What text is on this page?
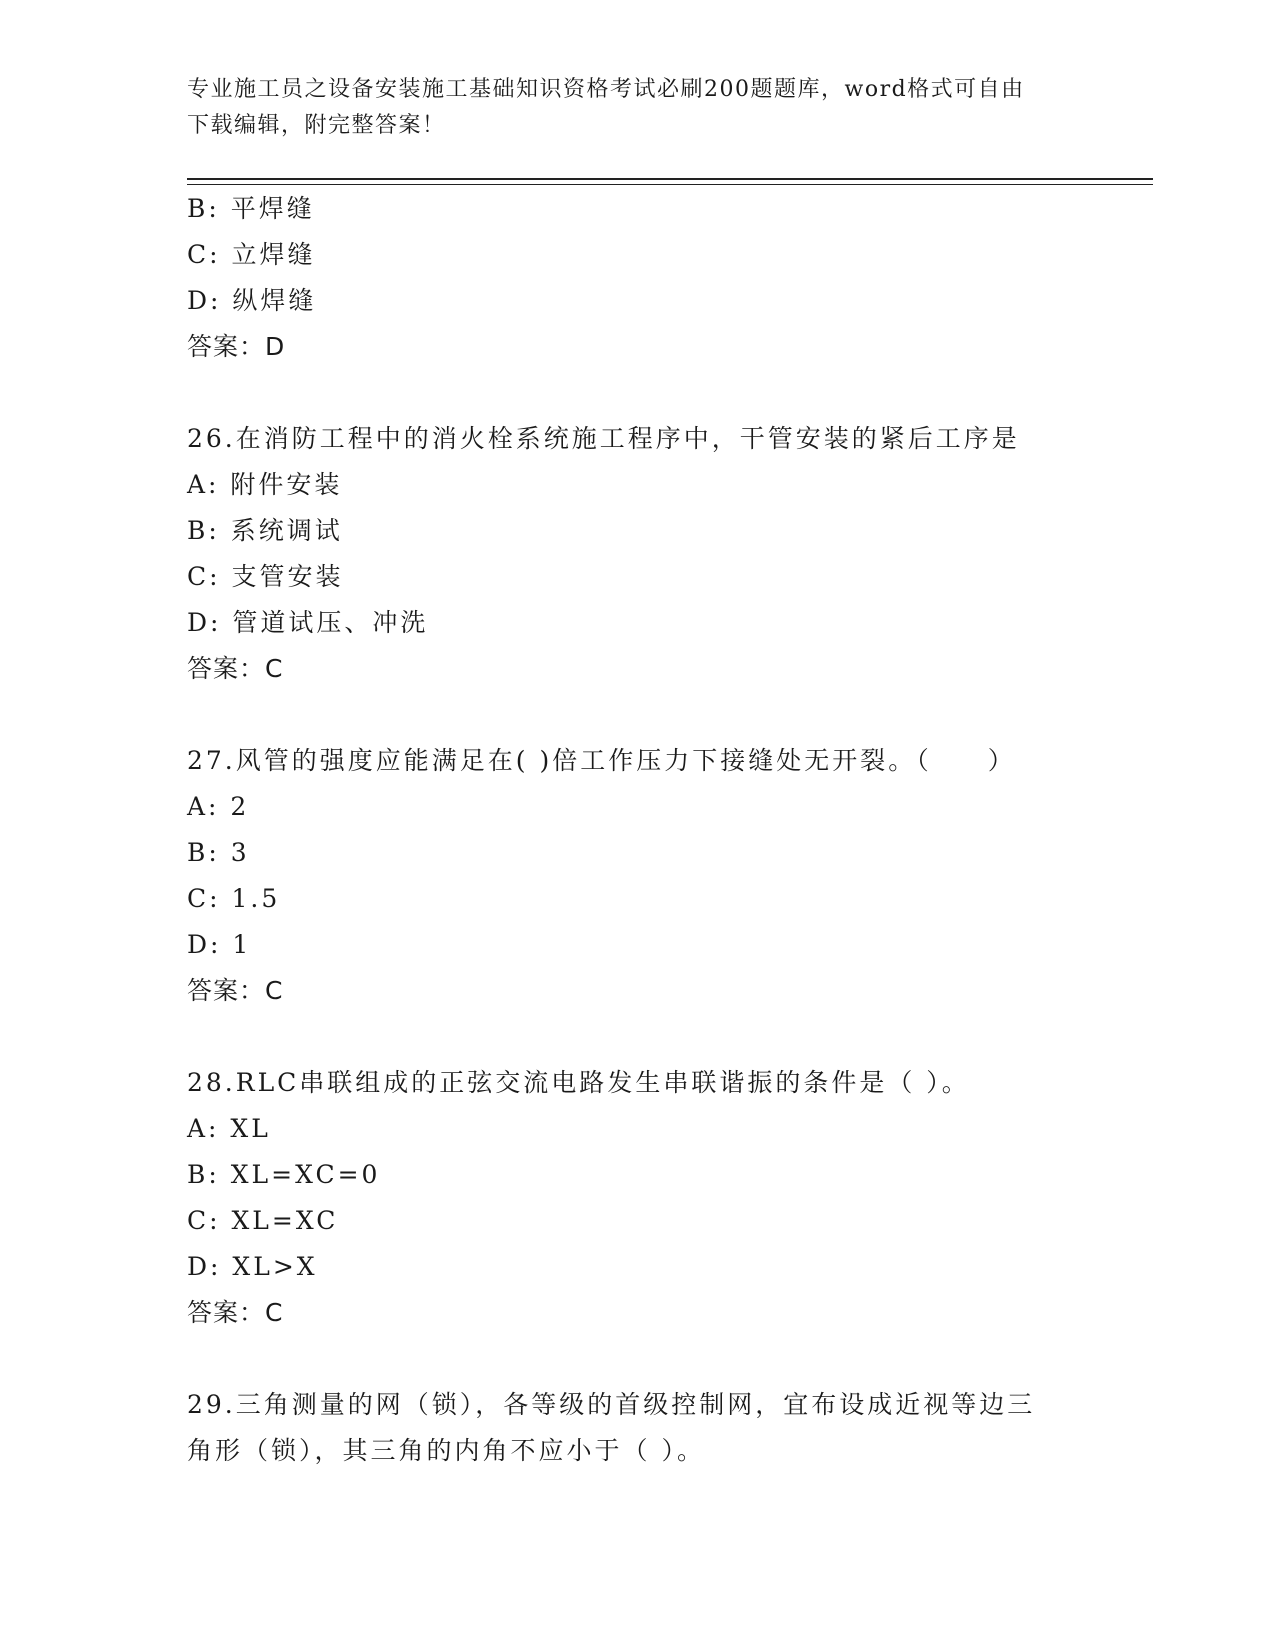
专业施工员之设备安装施工基础知识资格考试必刷200题题库，word格式可自由
下载编辑，附完整答案！
B: 平焊缝
C: 立焊缝
D: 纵焊缝
答案：D
26.在消防工程中的消火栓系统施工程序中，干管安装的紧后工序是
A: 附件安装
B: 系统调试
C: 支管安装
D: 管道试压、冲洗
答案：C
27.风管的强度应能满足在( )倍工作压力下接缝处无开裂。（　　）
A: 2
B: 3
C: 1.5
D: 1
答案：C
28.RLC串联组成的正弦交流电路发生串联谐振的条件是（ ）。
A: XL
B: XL=XC=0
C: XL=XC
D: XL>X
答案：C
29.三角测量的网（锁），各等级的首级控制网，宜布设成近视等边三
角形（锁），其三角的内角不应小于（ ）。
